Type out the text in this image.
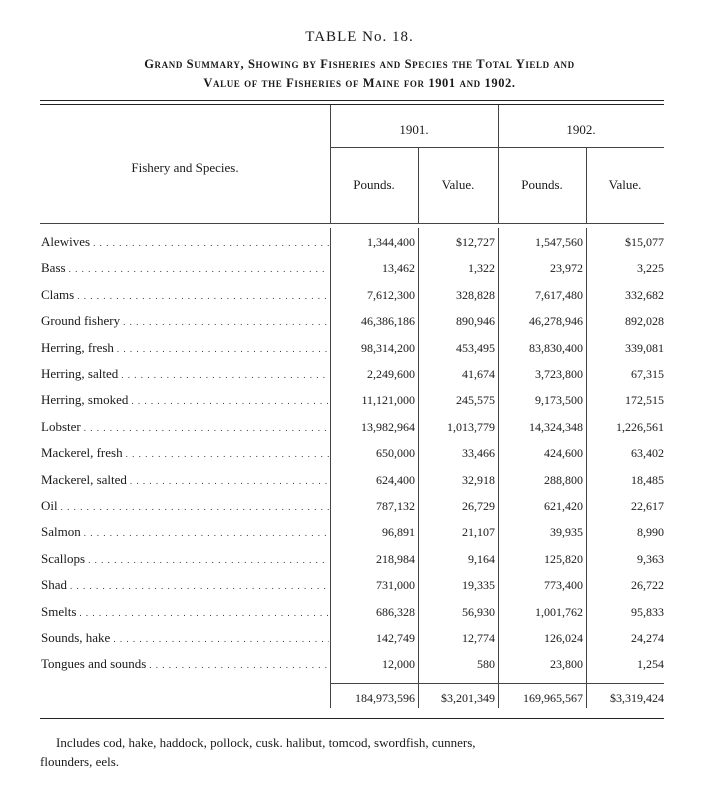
TABLE No. 18.
Grand Summary, Showing by Fisheries and Species the Total Yield and
Value of the Fisheries of Maine for 1901 and 1902.
Fishery and Species.
1901.	1902.
Pounds.	Value.	Pounds.	Value.
Alewives . . .	1,344,400	$12,727	1,547,560	$15,077
Bass . . .	13,462	1,322	23,972	3,225
Clams . . .	7,612,300	328,828	7,617,480	332,682
Ground fishery . . .	46,386,186	890,946	46,278,946	892,028
Herring, fresh . . .	98,314,200	453,495	83,830,400	339,081
Herring, salted . . .	2,249,600	41,674	3,723,800	67,315
Herring, smoked . . .	11,121,000	245,575	9,173,500	172,515
Lobster . . .	13,982,964	1,013,779	14,324,348	1,226,561
Mackerel, fresh . . .	650,000	33,466	424,600	63,402
Mackerel, salted . . .	624,400	32,918	288,800	18,485
Oil . . .	787,132	26,729	621,420	22,617
Salmon . . .	96,891	21,107	39,935	8,990
Scallops . . .	218,984	9,164	125,820	9,363
Shad . . .	731,000	19,335	773,400	26,722
Smelts . . .	686,328	56,930	1,001,762	95,833
Sounds, hake . . .	142,749	12,774	126,024	24,274
Tongues and sounds . . .	12,000	580	23,800	1,254
184,973,596	$3,201,349	169,965,567	$3,319,424
Includes cod, hake, haddock, pollock, cusk. halibut, tomcod, swordfish, cunners,
flounders, eels.
